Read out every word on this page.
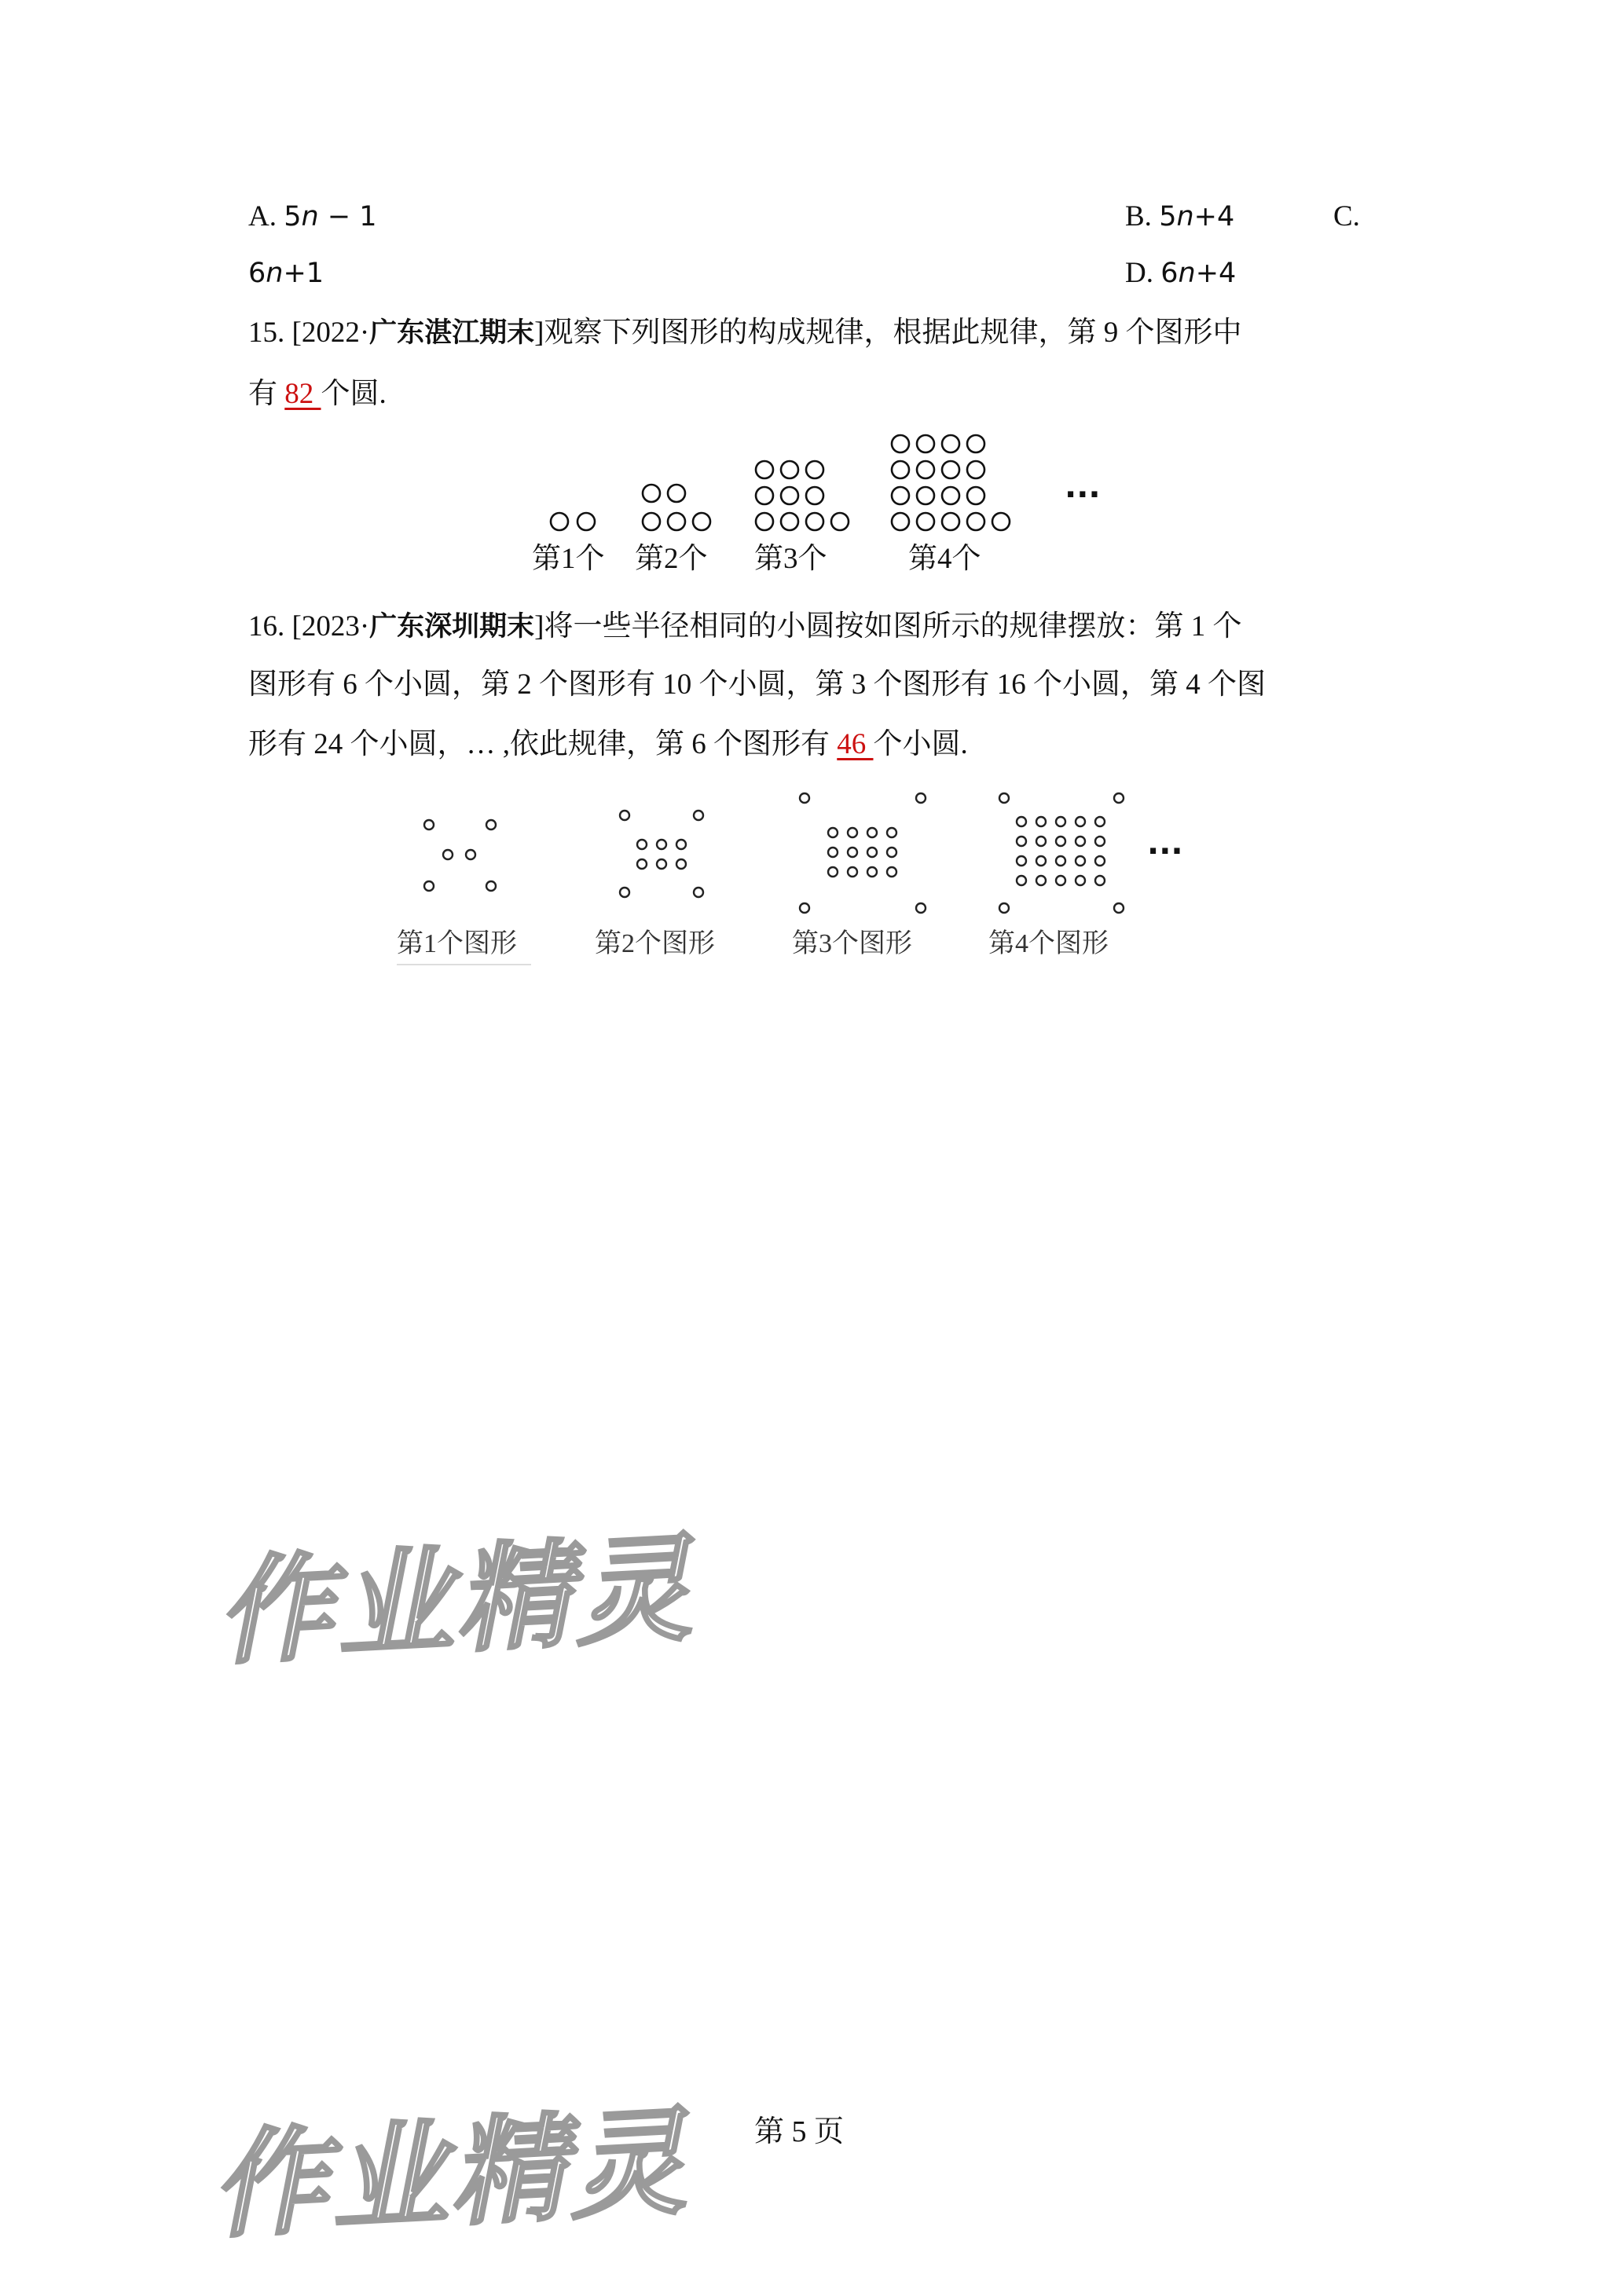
A. 5n − 1	B. 5n+4	C.
6n+1	D. 6n+4
15. [2022·广东湛江期末]观察下列图形的构成规律，根据此规律，第 9 个图形中
有 82 个圆.
···
第1个 第2个 第3个	第4个
16. [2023·广东深圳期末]将一些半径相同的小圆按如图所示的规律摆放：第 1 个
图形有 6 个小圆，第 2 个图形有 10 个小圆，第 3 个图形有 16 个小圆，第 4 个图
形有 24 个小圆，… ,依此规律，第 6 个图形有 46 个小圆.
···
第1个图形	第2个图形	第3个图形	第4个图形
作业精灵
作业精灵 第 5 页
